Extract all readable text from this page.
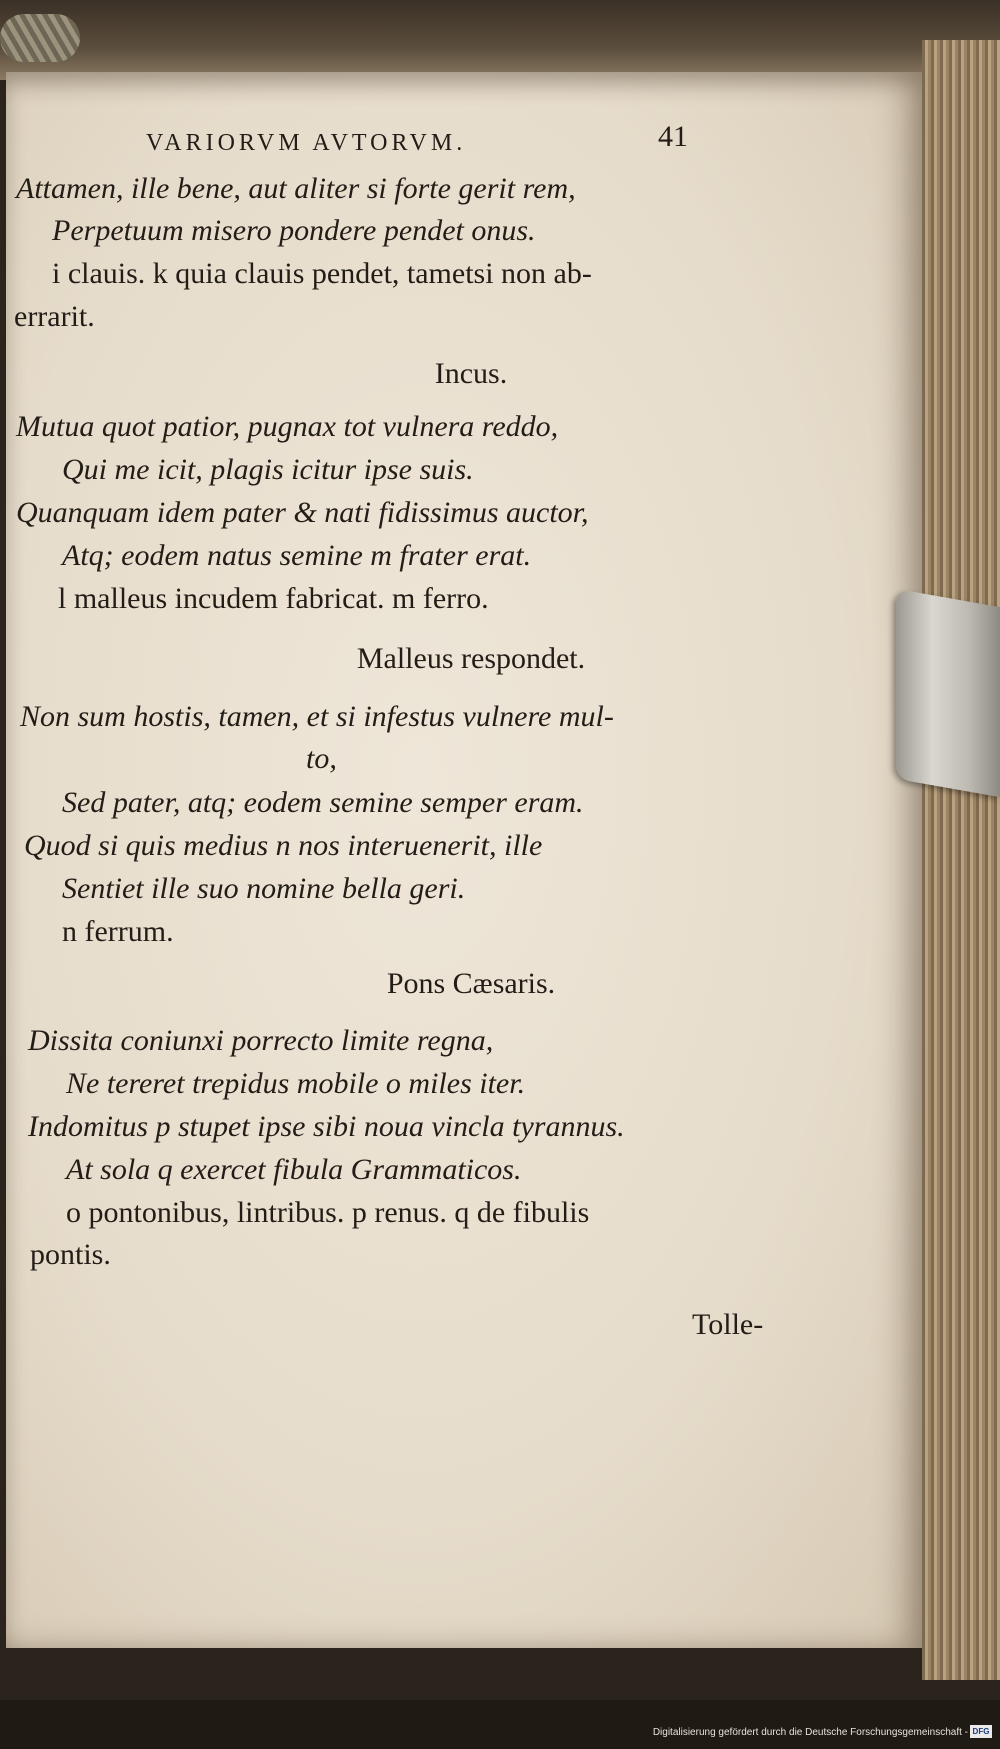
VARIORVM AVTORVM.	41
Attamen, ille bene, aut aliter si forte gerit rem,
Perpetuum misero pondere pendet onus.
i clauis. k quia clauis pendet, tametsi non ab-
errarit.
Incus.
Mutua quot patior, pugnax tot vulnera reddo,
Qui me icit, plagis icitur ipse suis.
Quanquam idem pater & nati fidissimus auctor,
Atq; eodem natus semine m frater erat.
l malleus incudem fabricat. m ferro.
Malleus respondet.
Non sum hostis, tamen, et si infestus vulnere mul-
to,
Sed pater, atq; eodem semine semper eram.
Quod si quis medius n nos interuenerit, ille
Sentiet ille suo nomine bella geri.
n ferrum.
Pons Cæsaris.
Dissita coniunxi porrecto limite regna,
Ne tereret trepidus mobile o miles iter.
Indomitus p stupet ipse sibi noua vincla tyrannus.
At sola q exercet fibula Grammaticos.
o pontonibus, lintribus. p renus. q de fibulis
pontis.
Tolle-
Digitalisierung gefördert durch die Deutsche Forschungsgemeinschaft - DFG
